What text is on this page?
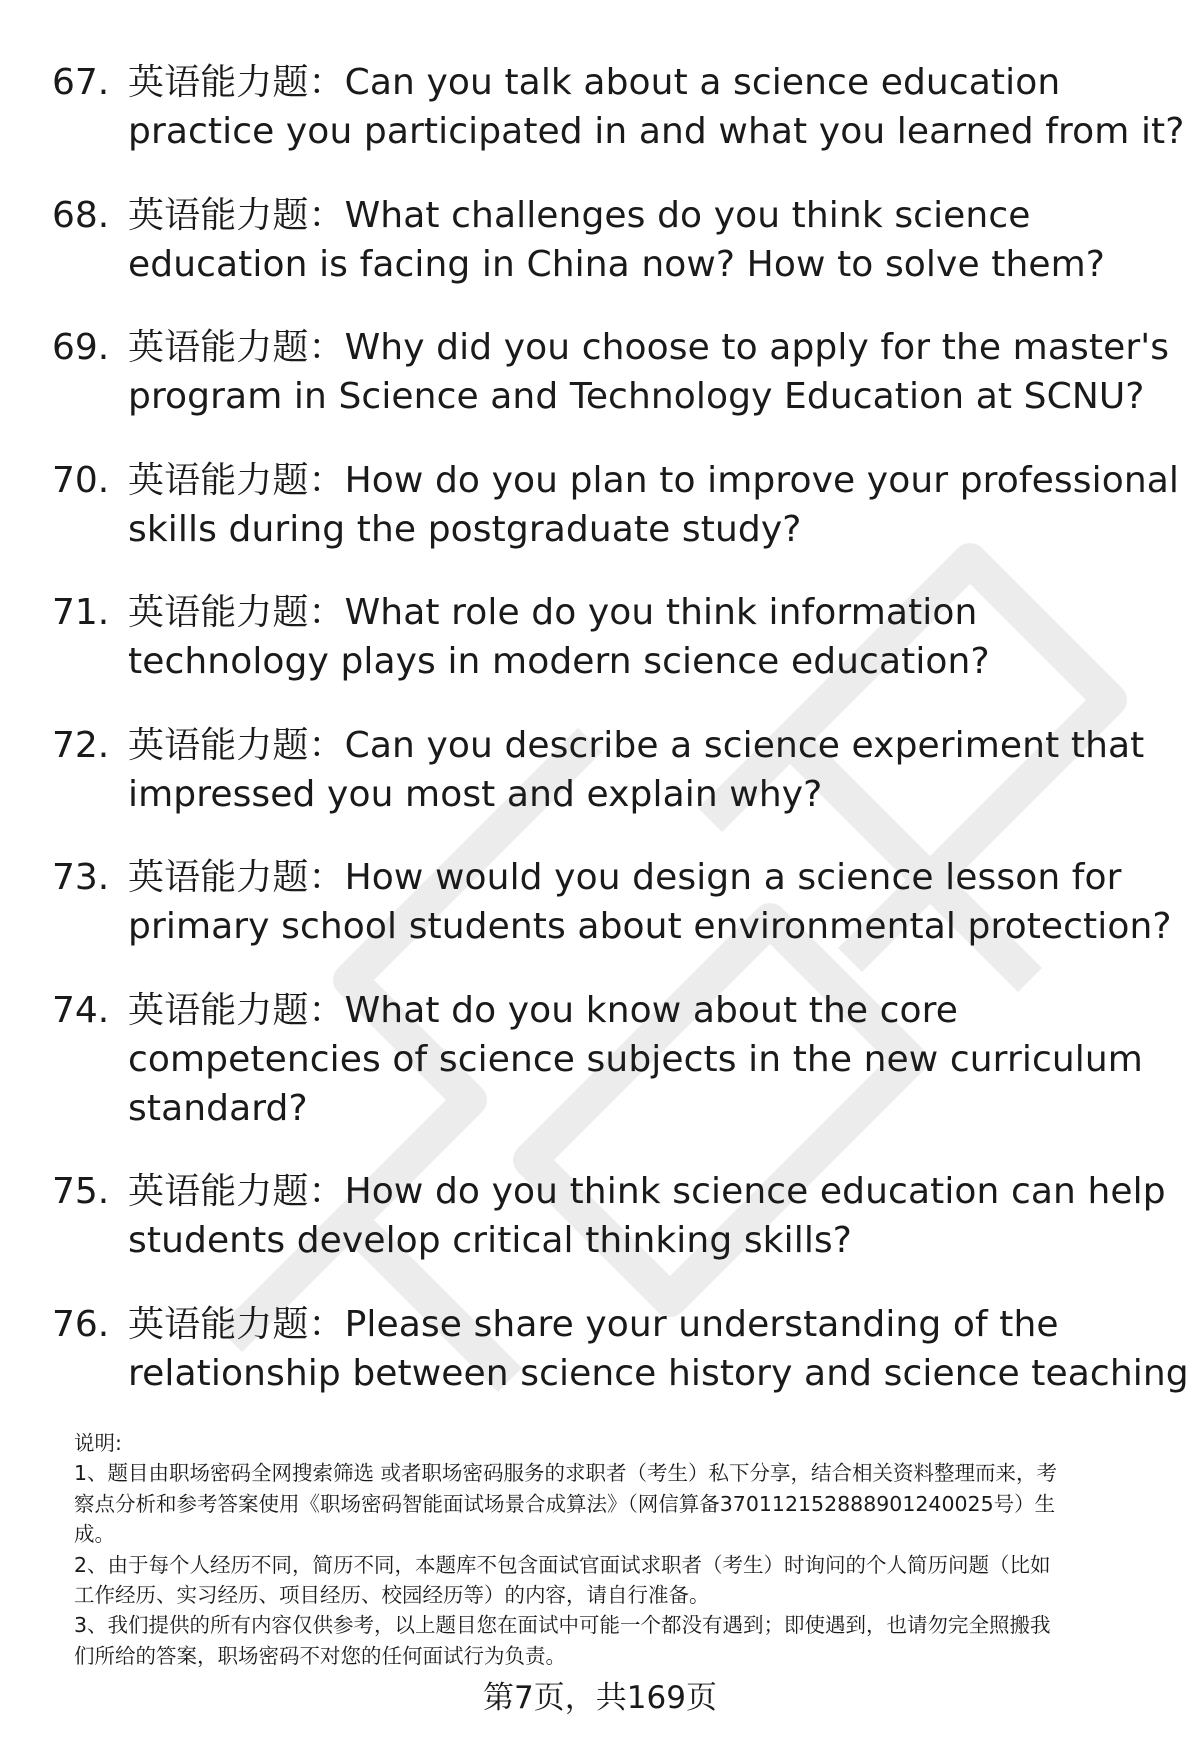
67. 英语能力题：Can you talk about a science education
practice you participated in and what you learned from it?
68. 英语能力题：What challenges do you think science
education is facing in China now? How to solve them?
69. 英语能力题：Why did you choose to apply for the master's
program in Science and Technology Education at SCNU?
70. 英语能力题：How do you plan to improve your professional
skills during the postgraduate study?
71. 英语能力题：What role do you think information
technology plays in modern science education?
72. 英语能力题：Can you describe a science experiment that
impressed you most and explain why?
73. 英语能力题：How would you design a science lesson for
primary school students about environmental protection?
74. 英语能力题：What do you know about the core
competencies of science subjects in the new curriculum
standard?
75. 英语能力题：How do you think science education can help
students develop critical thinking skills?
76. 英语能力题：Please share your understanding of the
relationship between science history and science teaching

说明:

1、题目由职场密码全网搜索筛选 或者职场密码服务的求职者（考生）私下分享，结合相关资料整理而来，考
察点分析和参考答案使用《职场密码智能面试场景合成算法》（网信算备370112152888901240025号）生
成。
2、由于每个人经历不同，简历不同，本题库不包含面试官面试求职者（考生）时询问的个人简历问题（比如
工作经历、实习经历、项目经历、校园经历等）的内容，请自行准备。
3、我们提供的所有内容仅供参考，以上题目您在面试中可能一个都没有遇到；即使遇到，也请勿完全照搬我
们所给的答案，职场密码不对您的任何面试行为负责。
第7页，共169页
